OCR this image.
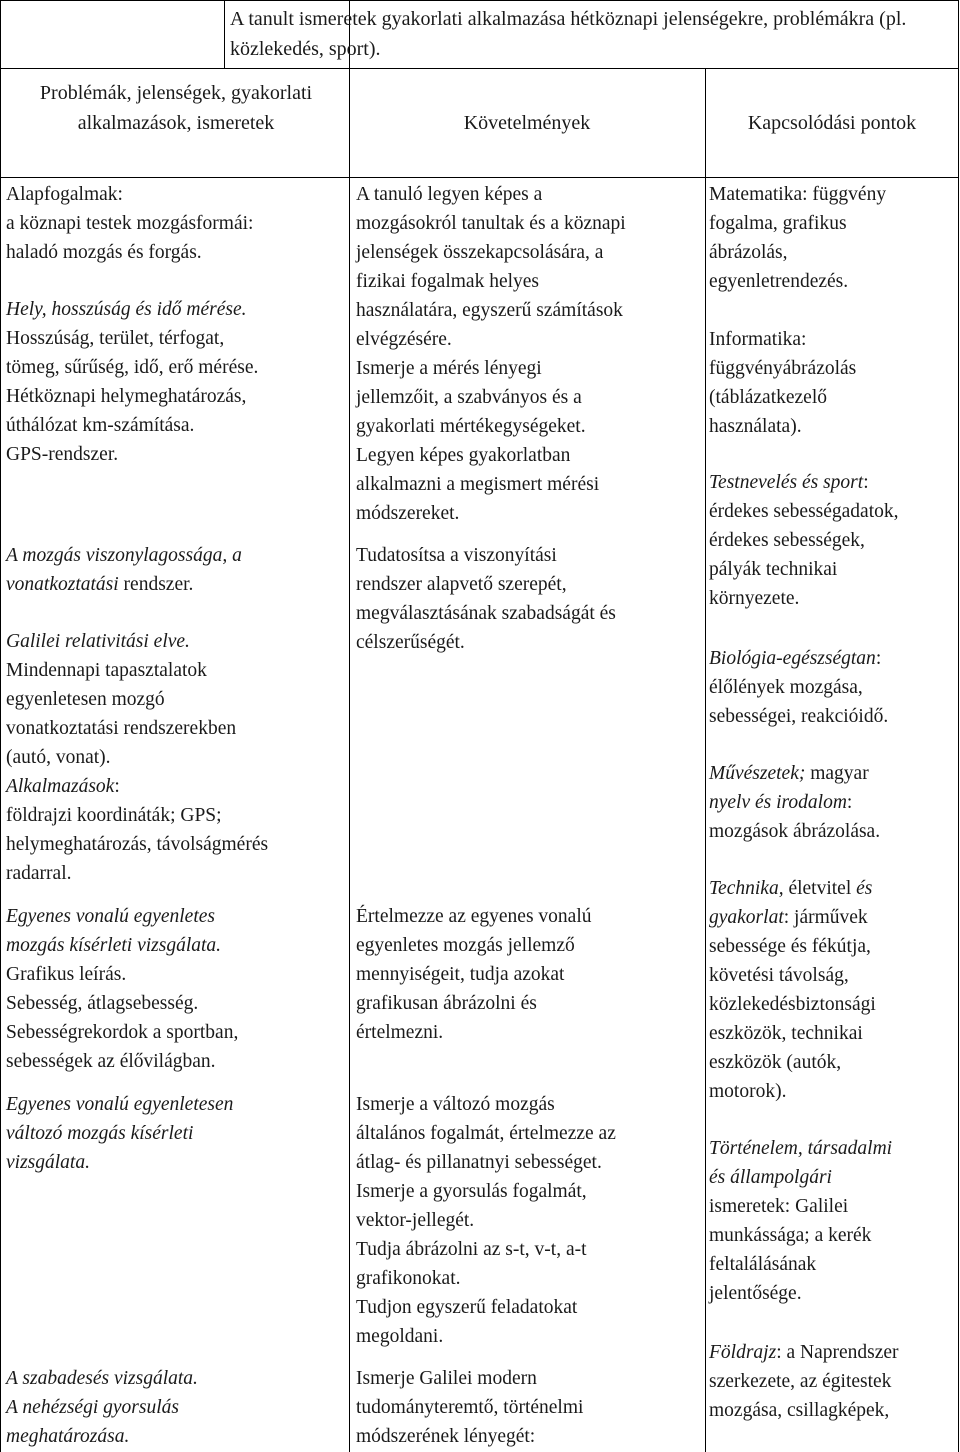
A tanult ismeretek gyakorlati alkalmazása hétköznapi jelenségekre, problémákra (pl. közlekedés, sport).
Problémák, jelenségek, gyakorlati alkalmazások, ismeretek	Követelmények	Kapcsolódási pontok
Alapfogalmak:
a köznapi testek mozgásformái:
haladó mozgás és forgás.
Hely, hosszúság és idő mérése.
Hosszúság, terület, térfogat,
tömeg, sűrűség, idő, erő mérése.
Hétköznapi helymeghatározás,
úthálózat km-számítása.
GPS-rendszer.
A mozgás viszonylagossága, a
vonatkoztatási rendszer.
Galilei relativitási elve.
Mindennapi tapasztalatok
egyenletesen mozgó
vonatkoztatási rendszerekben
(autó, vonat).
Alkalmazások:
földrajzi koordináták; GPS;
helymeghatározás, távolságmérés
radarral.
Egyenes vonalú egyenletes
mozgás kísérleti vizsgálata.
Grafikus leírás.
Sebesség, átlagsebesség.
Sebességrekordok a sportban,
sebességek az élővilágban.
Egyenes vonalú egyenletesen
változó mozgás kísérleti
vizsgálata.
A szabadesés vizsgálata.
A nehézségi gyorsulás
meghatározása.
A tanuló legyen képes a
mozgásokról tanultak és a köznapi
jelenségek összekapcsolására, a
fizikai fogalmak helyes
használatára, egyszerű számítások
elvégzésére.
Ismerje a mérés lényegi
jellemzőit, a szabványos és a
gyakorlati mértékegységeket.
Legyen képes gyakorlatban
alkalmazni a megismert mérési
módszereket.
Tudatosítsa a viszonyítási
rendszer alapvető szerepét,
megválasztásának szabadságát és
célszerűségét.
Értelmezze az egyenes vonalú
egyenletes mozgás jellemző
mennyiségeit, tudja azokat
grafikusan ábrázolni és
értelmezni.
Ismerje a változó mozgás
általános fogalmát, értelmezze az
átlag- és pillanatnyi sebességet.
Ismerje a gyorsulás fogalmát,
vektor-jellegét.
Tudja ábrázolni az s-t, v-t, a-t
grafikonokat.
Tudjon egyszerű feladatokat
megoldani.
Ismerje Galilei modern
tudományteremtő, történelmi
módszerének lényegét:
Matematika: függvény
fogalma, grafikus
ábrázolás,
egyenletrendezés.
Informatika:
függvényábrázolás
(táblázatkezelő
használata).
Testnevelés és sport:
érdekes sebességadatok,
érdekes sebességek,
pályák technikai
környezete.
Biológia-egészségtan:
élőlények mozgása,
sebességei, reakcióidő.
Művészetek; magyar
nyelv és irodalom:
mozgások ábrázolása.
Technika, életvitel és
gyakorlat: járművek
sebessége és fékútja,
követési távolság,
közlekedésbiztonsági
eszközök, technikai
eszközök (autók,
motorok).
Történelem, társadalmi
és állampolgári
ismeretek: Galilei
munkássága; a kerék
feltalálásának
jelentősége.
Földrajz: a Naprendszer
szerkezete, az égitestek
mozgása, csillagképek,
